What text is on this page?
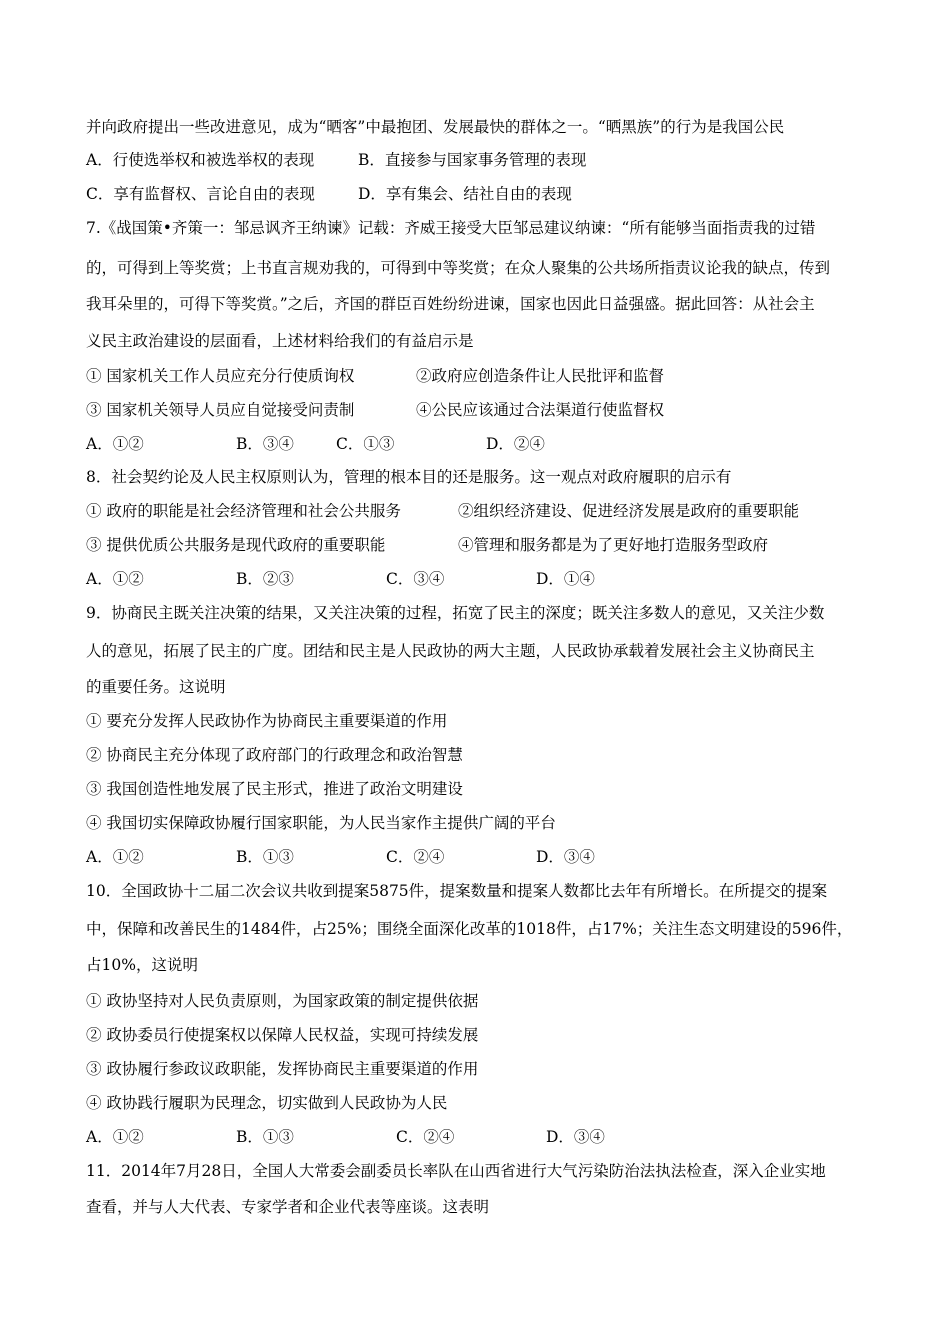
并向政府提出一些改进意见，成为“晒客”中最抱团、发展最快的群体之一。“晒黑族”的行为是我国公民
A．行使选举权和被选举权的表现	B．直接参与国家事务管理的表现
C．享有监督权、言论自由的表现	D．享有集会、结社自由的表现
7.《战国策•齐策一：邹忌讽齐王纳谏》记载：齐威王接受大臣邹忌建议纳谏：“所有能够当面指责我的过错
的，可得到上等奖赏；上书直言规劝我的，可得到中等奖赏；在众人聚集的公共场所指责议论我的缺点，传到
我耳朵里的，可得下等奖赏。”之后，齐国的群臣百姓纷纷进谏，国家也因此日益强盛。据此回答：从社会主
义民主政治建设的层面看，上述材料给我们的有益启示是
① 国家机关工作人员应充分行使质询权	②政府应创造条件让人民批评和监督
③ 国家机关领导人员应自觉接受问责制	④公民应该通过合法渠道行使监督权
A．①②	B．③④	C．①③	D．②④
8．社会契约论及人民主权原则认为，管理的根本目的还是服务。这一观点对政府履职的启示有
① 政府的职能是社会经济管理和社会公共服务	②组织经济建设、促进经济发展是政府的重要职能
③ 提供优质公共服务是现代政府的重要职能	④管理和服务都是为了更好地打造服务型政府
A．①②	B．②③	C．③④	D．①④
9．协商民主既关注决策的结果，又关注决策的过程，拓宽了民主的深度；既关注多数人的意见，又关注少数
人的意见，拓展了民主的广度。团结和民主是人民政协的两大主题，人民政协承载着发展社会主义协商民主
的重要任务。这说明
① 要充分发挥人民政协作为协商民主重要渠道的作用
② 协商民主充分体现了政府部门的行政理念和政治智慧
③ 我国创造性地发展了民主形式，推进了政治文明建设
④ 我国切实保障政协履行国家职能，为人民当家作主提供广阔的平台
A．①②	B．①③	C．②④	D．③④
10．全国政协十二届二次会议共收到提案5875件，提案数量和提案人数都比去年有所增长。在所提交的提案
中，保障和改善民生的1484件，占25%；围绕全面深化改革的1018件，占17%；关注生态文明建设的596件，
占10%，这说明
① 政协坚持对人民负责原则，为国家政策的制定提供依据
② 政协委员行使提案权以保障人民权益，实现可持续发展
③ 政协履行参政议政职能，发挥协商民主重要渠道的作用
④ 政协践行履职为民理念，切实做到人民政协为人民
A．①②	B．①③	C．②④	D．③④
11．2014年7月28日，全国人大常委会副委员长率队在山西省进行大气污染防治法执法检查，深入企业实地
查看，并与人大代表、专家学者和企业代表等座谈。这表明
